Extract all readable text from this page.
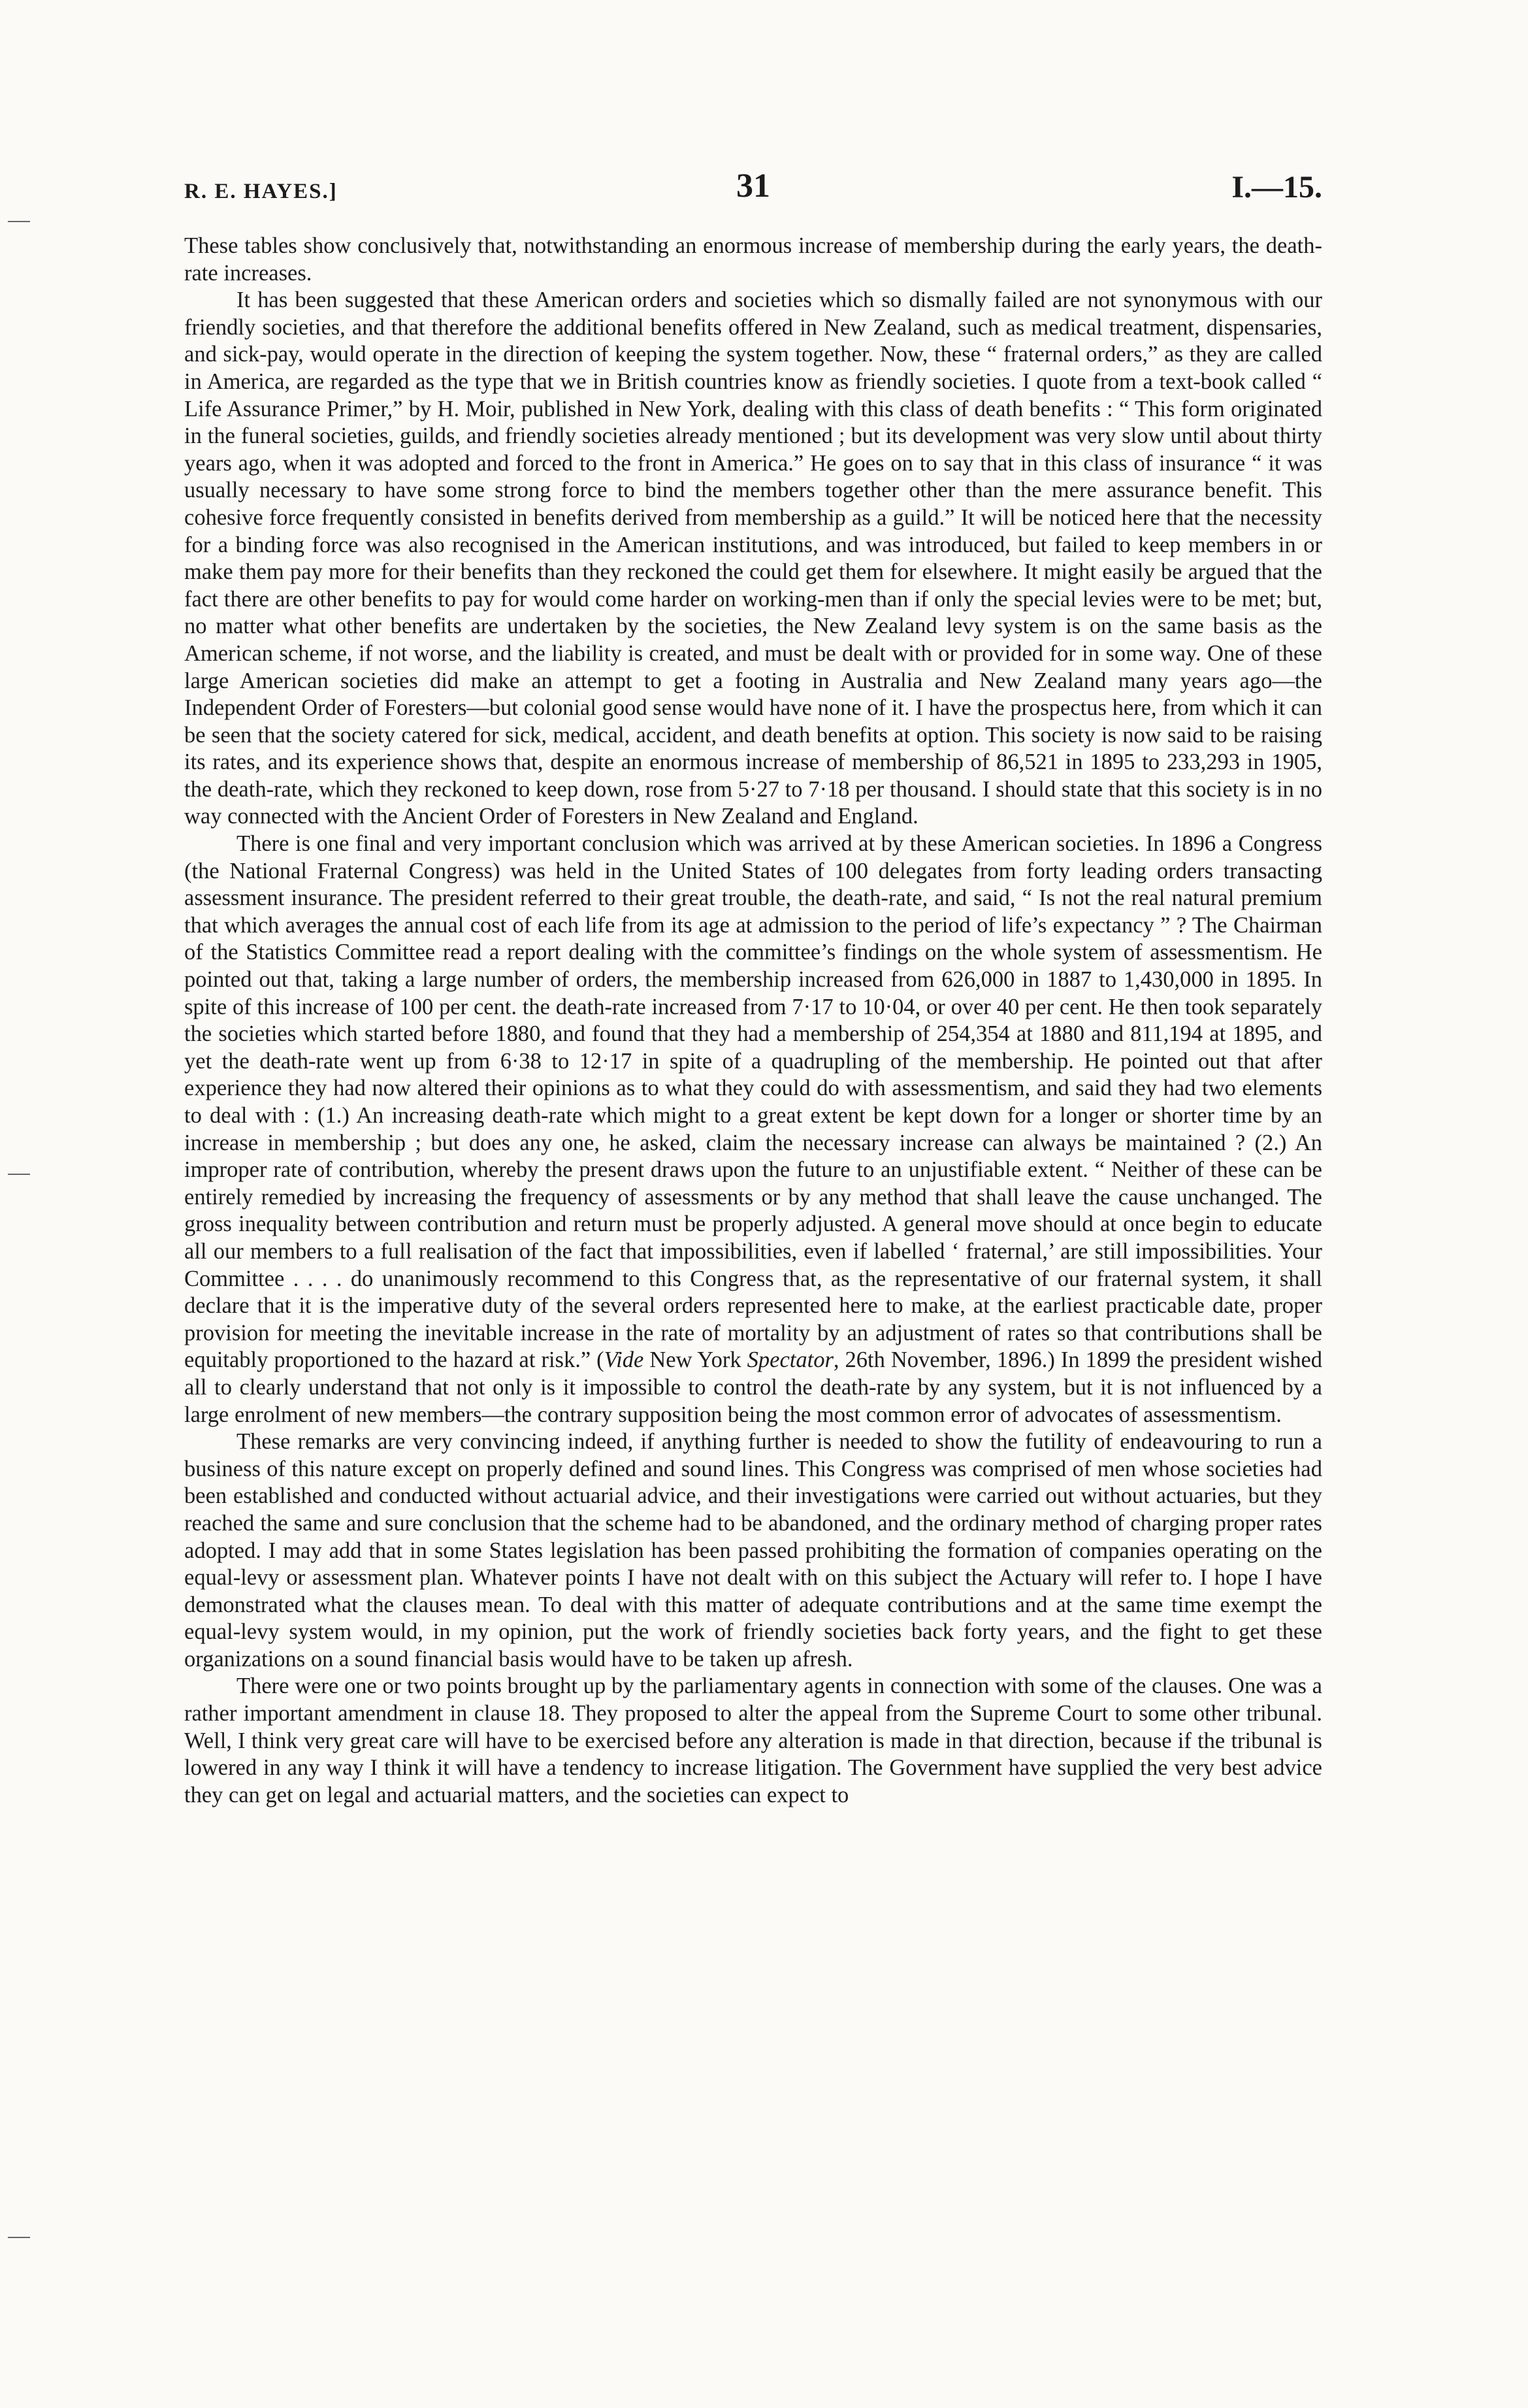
R. E. HAYES.]	31	I.—15.

These tables show conclusively that, notwithstanding an enormous increase of membership during the early years, the death-rate increases.

It has been suggested that these American orders and societies which so dismally failed are not synonymous with our friendly societies, and that therefore the additional benefits offered in New Zealand, such as medical treatment, dispensaries, and sick-pay, would operate in the direction of keeping the system together. Now, these “ fraternal orders,” as they are called in America, are regarded as the type that we in British countries know as friendly societies. I quote from a text-book called “ Life Assurance Primer,” by H. Moir, published in New York, dealing with this class of death benefits : “ This form originated in the funeral societies, guilds, and friendly societies already mentioned ; but its development was very slow until about thirty years ago, when it was adopted and forced to the front in America.” He goes on to say that in this class of insurance “ it was usually necessary to have some strong force to bind the members together other than the mere assurance benefit. This cohesive force frequently consisted in benefits derived from membership as a guild.” It will be noticed here that the necessity for a binding force was also recognised in the American institutions, and was introduced, but failed to keep members in or make them pay more for their benefits than they reckoned the could get them for elsewhere. It might easily be argued that the fact there are other benefits to pay for would come harder on working-men than if only the special levies were to be met; but, no matter what other benefits are undertaken by the societies, the New Zealand levy system is on the same basis as the American scheme, if not worse, and the liability is created, and must be dealt with or provided for in some way. One of these large American societies did make an attempt to get a footing in Australia and New Zealand many years ago—the Independent Order of Foresters—but colonial good sense would have none of it. I have the prospectus here, from which it can be seen that the society catered for sick, medical, accident, and death benefits at option. This society is now said to be raising its rates, and its experience shows that, despite an enormous increase of membership of 86,521 in 1895 to 233,293 in 1905, the death-rate, which they reckoned to keep down, rose from 5·27 to 7·18 per thousand. I should state that this society is in no way connected with the Ancient Order of Foresters in New Zealand and England.

There is one final and very important conclusion which was arrived at by these American societies. In 1896 a Congress (the National Fraternal Congress) was held in the United States of 100 delegates from forty leading orders transacting assessment insurance. The president referred to their great trouble, the death-rate, and said, “ Is not the real natural premium that which averages the annual cost of each life from its age at admission to the period of life’s expectancy ” ? The Chairman of the Statistics Committee read a report dealing with the committee’s findings on the whole system of assessmentism. He pointed out that, taking a large number of orders, the membership increased from 626,000 in 1887 to 1,430,000 in 1895. In spite of this increase of 100 per cent. the death-rate increased from 7·17 to 10·04, or over 40 per cent. He then took separately the societies which started before 1880, and found that they had a membership of 254,354 at 1880 and 811,194 at 1895, and yet the death-rate went up from 6·38 to 12·17 in spite of a quadrupling of the membership. He pointed out that after experience they had now altered their opinions as to what they could do with assessmentism, and said they had two elements to deal with : (1.) An increasing death-rate which might to a great extent be kept down for a longer or shorter time by an increase in membership ; but does any one, he asked, claim the necessary increase can always be maintained ? (2.) An improper rate of contribution, whereby the present draws upon the future to an unjustifiable extent. “ Neither of these can be entirely remedied by increasing the frequency of assessments or by any method that shall leave the cause unchanged. The gross inequality between contribution and return must be properly adjusted. A general move should at once begin to educate all our members to a full realisation of the fact that impossibilities, even if labelled ‘ fraternal,’ are still impossibilities. Your Committee . . . . do unanimously recommend to this Congress that, as the representative of our fraternal system, it shall declare that it is the imperative duty of the several orders represented here to make, at the earliest practicable date, proper provision for meeting the inevitable increase in the rate of mortality by an adjustment of rates so that contributions shall be equitably proportioned to the hazard at risk.” (Vide New York Spectator, 26th November, 1896.) In 1899 the president wished all to clearly understand that not only is it impossible to control the death-rate by any system, but it is not influenced by a large enrolment of new members—the contrary supposition being the most common error of advocates of assessmentism.

These remarks are very convincing indeed, if anything further is needed to show the futility of endeavouring to run a business of this nature except on properly defined and sound lines. This Congress was comprised of men whose societies had been established and conducted without actuarial advice, and their investigations were carried out without actuaries, but they reached the same and sure conclusion that the scheme had to be abandoned, and the ordinary method of charging proper rates adopted. I may add that in some States legislation has been passed prohibiting the formation of companies operating on the equal-levy or assessment plan. Whatever points I have not dealt with on this subject the Actuary will refer to. I hope I have demonstrated what the clauses mean. To deal with this matter of adequate contributions and at the same time exempt the equal-levy system would, in my opinion, put the work of friendly societies back forty years, and the fight to get these organizations on a sound financial basis would have to be taken up afresh.

There were one or two points brought up by the parliamentary agents in connection with some of the clauses. One was a rather important amendment in clause 18. They proposed to alter the appeal from the Supreme Court to some other tribunal. Well, I think very great care will have to be exercised before any alteration is made in that direction, because if the tribunal is lowered in any way I think it will have a tendency to increase litigation. The Government have supplied the very best advice they can get on legal and actuarial matters, and the societies can expect to
